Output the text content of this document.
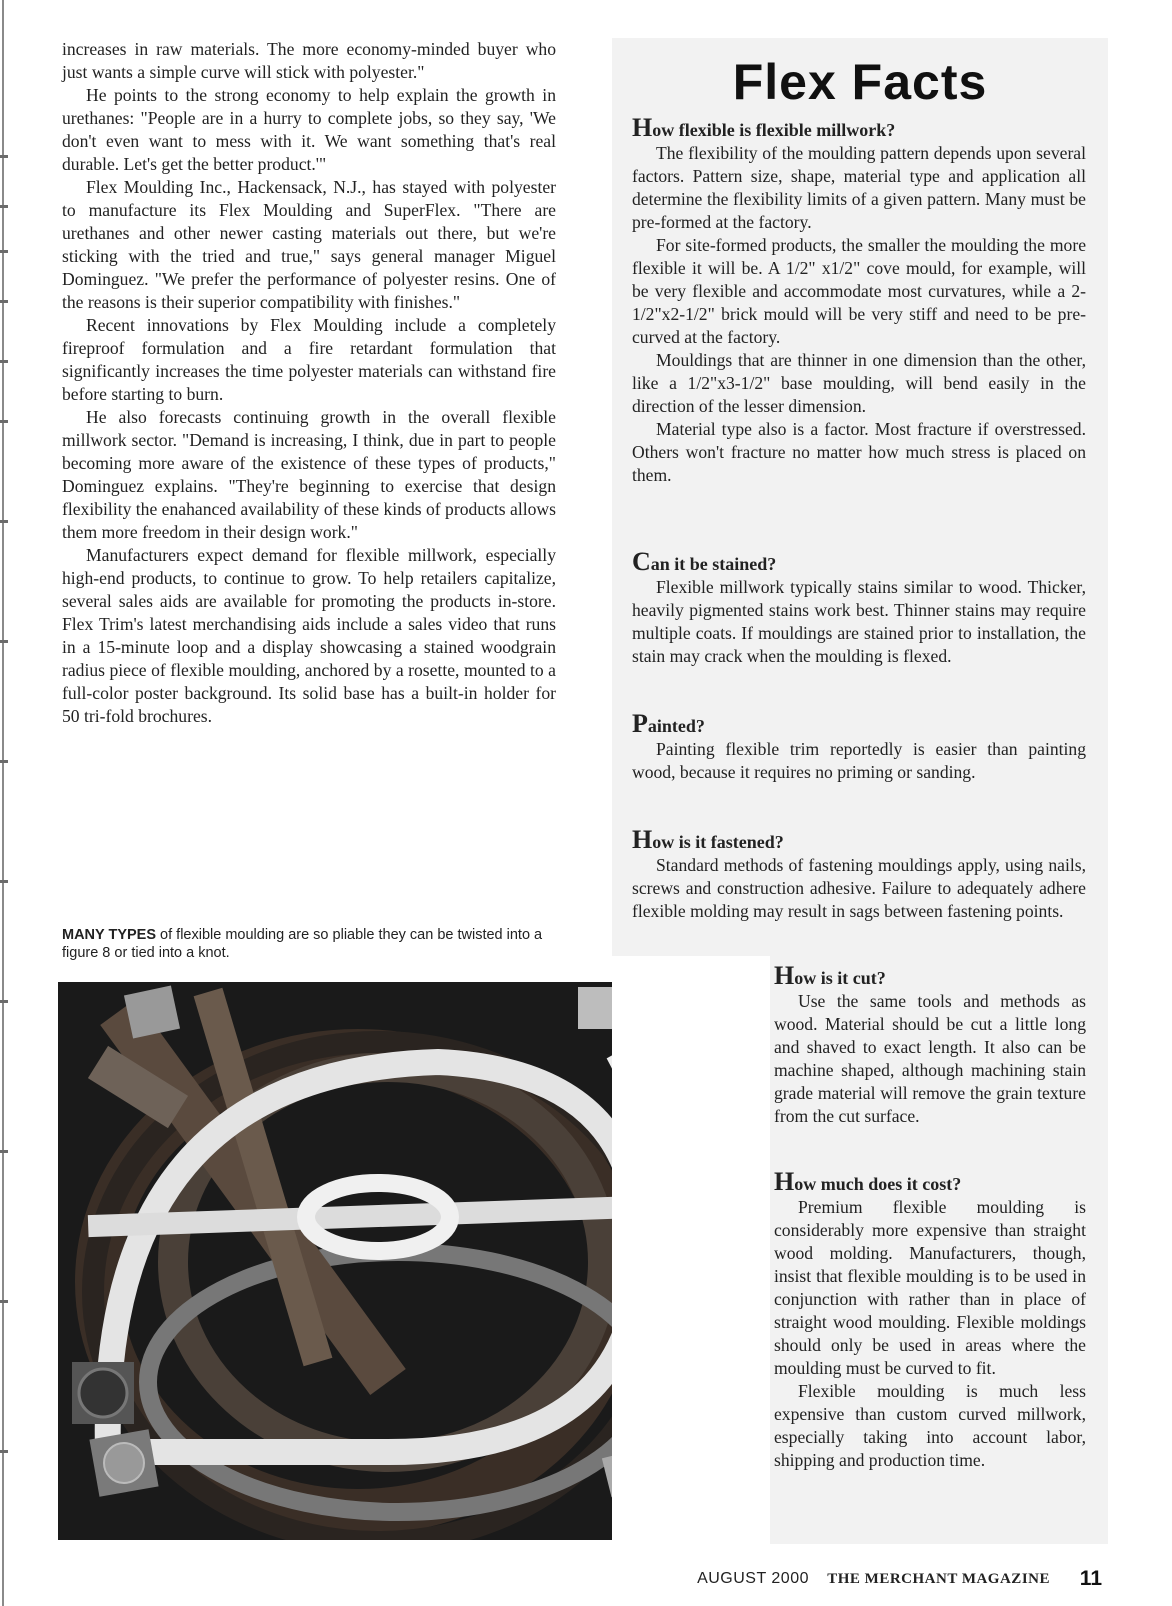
increases in raw materials. The more economy-minded buyer who just wants a simple curve will stick with polyester."

He points to the strong economy to help explain the growth in urethanes: "People are in a hurry to complete jobs, so they say, 'We don't even want to mess with it. We want something that's real durable. Let's get the better product.'"

Flex Moulding Inc., Hackensack, N.J., has stayed with polyester to manufacture its Flex Moulding and SuperFlex. "There are urethanes and other newer casting materials out there, but we're sticking with the tried and true," says general manager Miguel Dominguez. "We prefer the performance of polyester resins. One of the reasons is their superior compatibility with finishes."

Recent innovations by Flex Moulding include a completely fireproof formulation and a fire retardant formulation that significantly increases the time polyester materials can withstand fire before starting to burn.

He also forecasts continuing growth in the overall flexible millwork sector. "Demand is increasing, I think, due in part to people becoming more aware of the existence of these types of products," Dominguez explains. "They're beginning to exercise that design flexibility the enahanced availability of these kinds of products allows them more freedom in their design work."

Manufacturers expect demand for flexible millwork, especially high-end products, to continue to grow. To help retailers capitalize, several sales aids are available for promoting the products in-store. Flex Trim's latest merchandising aids include a sales video that runs in a 15-minute loop and a display showcasing a stained woodgrain radius piece of flexible moulding, anchored by a rosette, mounted to a full-color poster background. Its solid base has a built-in holder for 50 tri-fold brochures.

MANY TYPES of flexible moulding are so pliable they can be twisted into a figure 8 or tied into a knot.
Flex Facts
How flexible is flexible millwork?

The flexibility of the moulding pattern depends upon several factors. Pattern size, shape, material type and application all determine the flexibility limits of a given pattern. Many must be pre-formed at the factory.

For site-formed products, the smaller the moulding the more flexible it will be. A 1/2" x1/2" cove mould, for example, will be very flexible and accommodate most curvatures, while a 2-1/2"x2-1/2" brick mould will be very stiff and need to be pre-curved at the factory.

Mouldings that are thinner in one dimension than the other, like a 1/2"x3-1/2" base moulding, will bend easily in the direction of the lesser dimension.

Material type also is a factor. Most fracture if overstressed. Others won't fracture no matter how much stress is placed on them.

Can it be stained?

Flexible millwork typically stains similar to wood. Thicker, heavily pigmented stains work best. Thinner stains may require multiple coats. If mouldings are stained prior to installation, the stain may crack when the moulding is flexed.

Painted?

Painting flexible trim reportedly is easier than painting wood, because it requires no priming or sanding.

How is it fastened?

Standard methods of fastening mouldings apply, using nails, screws and construction adhesive. Failure to adequately adhere flexible molding may result in sags between fastening points.

How is it cut?

Use the same tools and methods as wood. Material should be cut a little long and shaved to exact length. It also can be machine shaped, although machining stain grade material will remove the grain texture from the cut surface.

How much does it cost?

Premium flexible moulding is considerably more expensive than straight wood molding. Manufacturers, though, insist that flexible moulding is to be used in conjunction with rather than in place of straight wood moulding. Flexible moldings should only be used in areas where the moulding must be curved to fit.

Flexible moulding is much less expensive than custom curved millwork, especially taking into account labor, shipping and production time.

AUGUST 2000 THE MERCHANT MAGAZINE 11
